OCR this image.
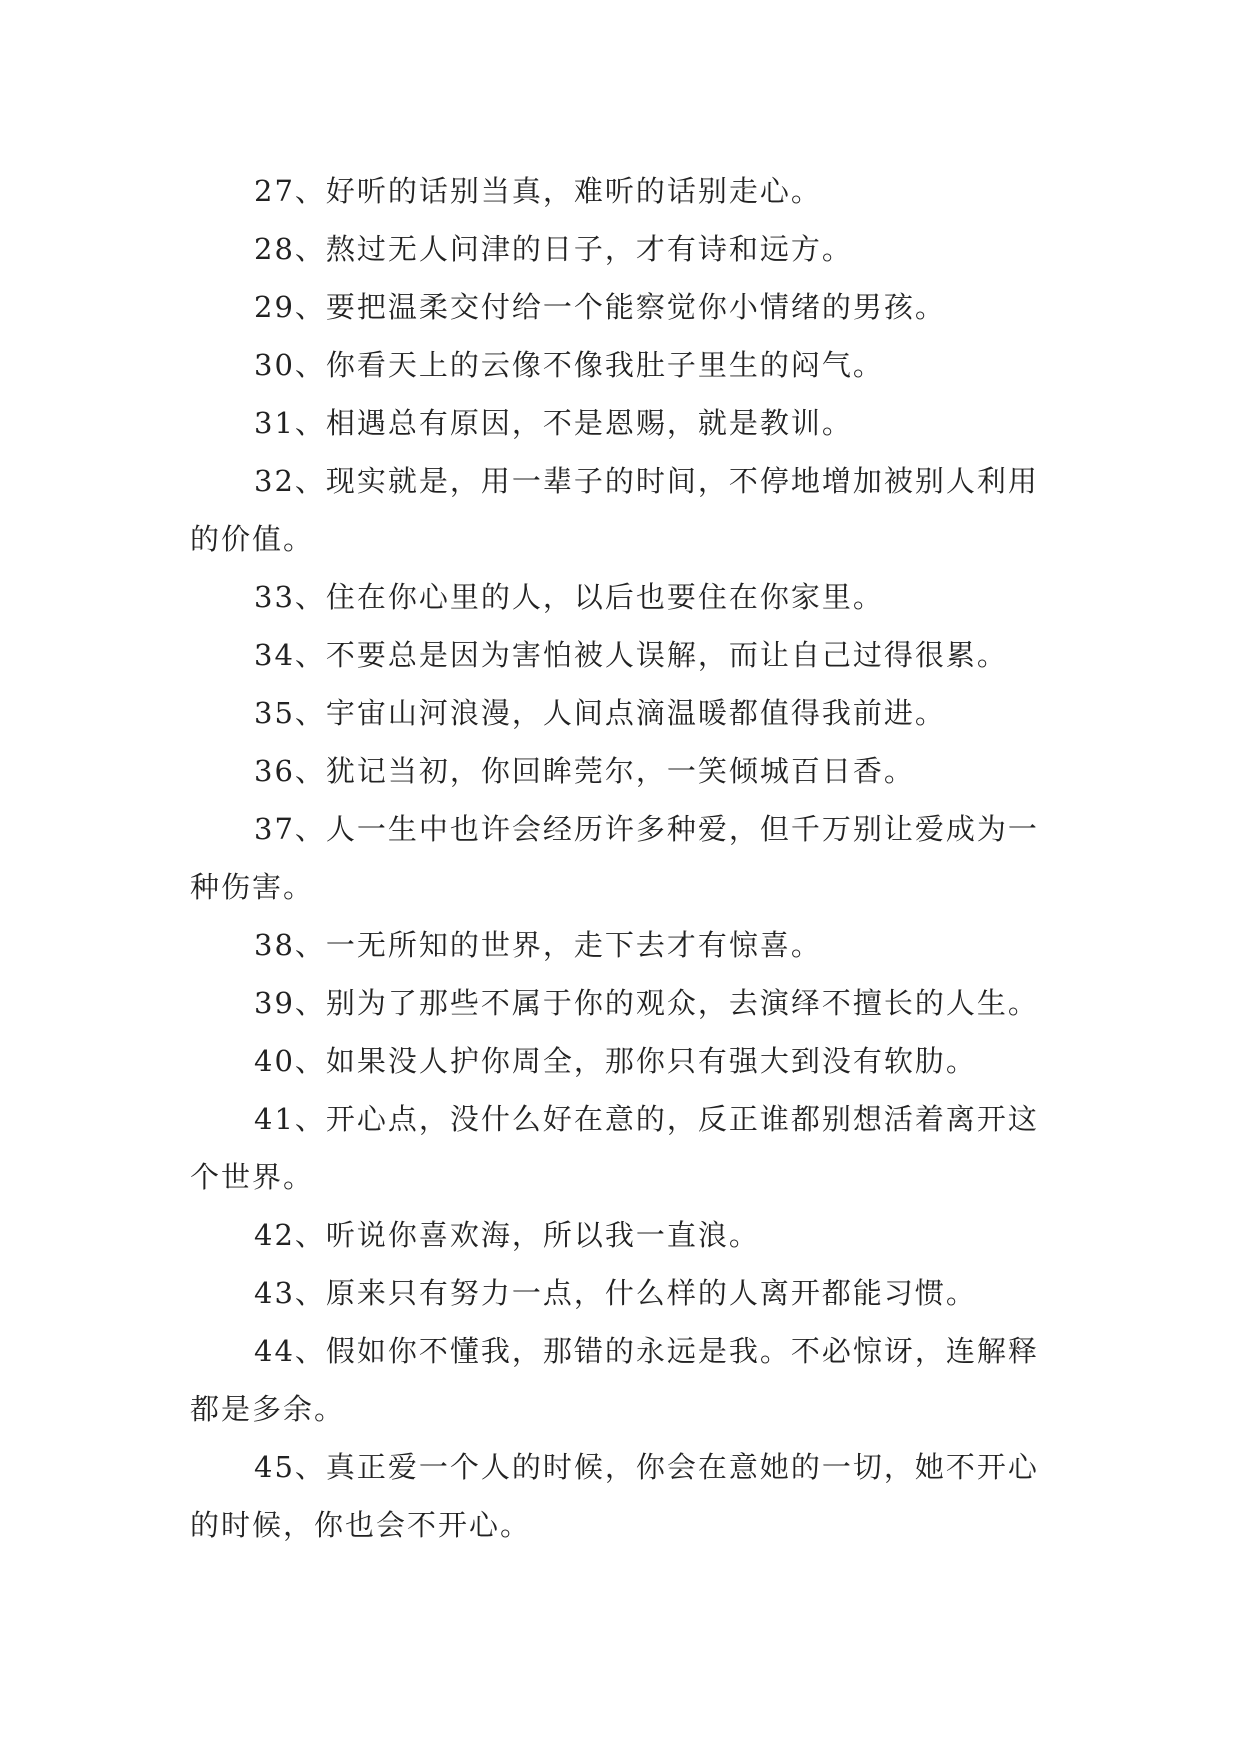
27、好听的话别当真，难听的话别走心。

28、熬过无人问津的日子，才有诗和远方。

29、要把温柔交付给一个能察觉你小情绪的男孩。

30、你看天上的云像不像我肚子里生的闷气。

31、相遇总有原因，不是恩赐，就是教训。

32、现实就是，用一辈子的时间，不停地增加被别人利用的价值。

33、住在你心里的人，以后也要住在你家里。

34、不要总是因为害怕被人误解，而让自己过得很累。

35、宇宙山河浪漫，人间点滴温暖都值得我前进。

36、犹记当初，你回眸莞尔，一笑倾城百日香。

37、人一生中也许会经历许多种爱，但千万别让爱成为一种伤害。

38、一无所知的世界，走下去才有惊喜。

39、别为了那些不属于你的观众，去演绎不擅长的人生。

40、如果没人护你周全，那你只有强大到没有软肋。

41、开心点，没什么好在意的，反正谁都别想活着离开这个世界。

42、听说你喜欢海，所以我一直浪。

43、原来只有努力一点，什么样的人离开都能习惯。

44、假如你不懂我，那错的永远是我。不必惊讶，连解释都是多余。

45、真正爱一个人的时候，你会在意她的一切，她不开心的时候，你也会不开心。
